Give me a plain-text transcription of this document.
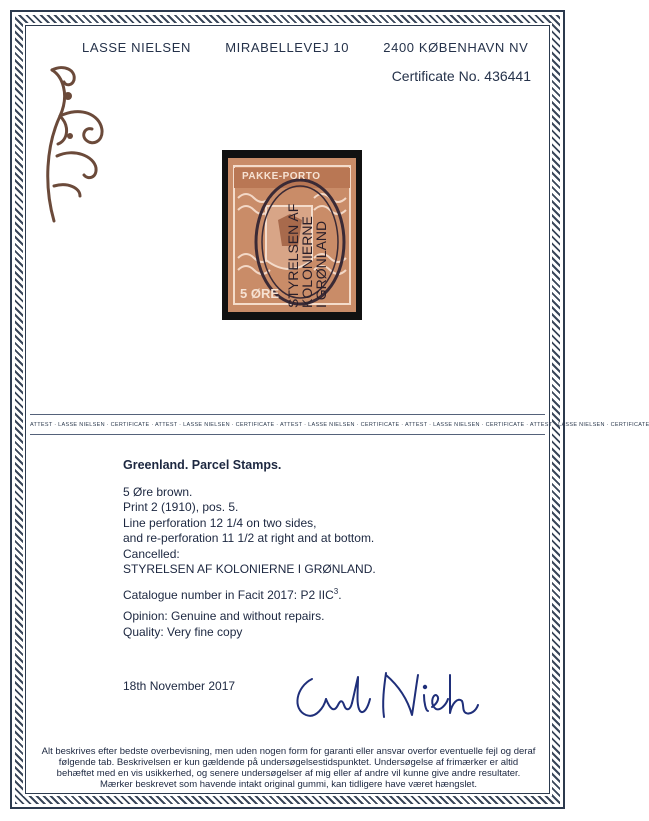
LASSE NIELSEN	MIRABELLEVEJ 10	2400 KØBENHAVN NV
Certificate No. 436441
PAKKE-PORTO
5 ØRE STYRELSEN AF
KOLONIERNE
I GRØNLAND
ATTEST · LASSE NIELSEN · CERTIFICATE · ATTEST · LASSE NIELSEN · CERTIFICATE · ATTEST · LASSE NIELSEN · CERTIFICATE · ATTEST · LASSE NIELSEN · CERTIFICATE · ATTEST · LASSE NIELSEN · CERTIFICATE
Greenland. Parcel Stamps.
5 Øre brown.
Print 2 (1910), pos. 5.
Line perforation 12 1/4 on two sides,
and re-perforation 11 1/2 at right and at bottom.
Cancelled:
STYRELSEN AF KOLONIERNE I GRØNLAND.
Catalogue number in Facit 2017: P2 IIC$^3$.
Opinion: Genuine and without repairs.
Quality: Very fine copy
18th November 2017
Alt beskrives efter bedste overbevisning, men uden nogen form for garanti eller ansvar overfor eventuelle fejl og deraf følgende tab. Beskrivelsen er kun gældende på undersøgelsestidspunktet. Undersøgelse af frimærker er altid behæftet med en vis usikkerhed, og senere undersøgelser af mig eller af andre vil kunne give andre resultater. Mærker beskrevet som havende intakt original gummi, kan tidligere have været hængslet.
